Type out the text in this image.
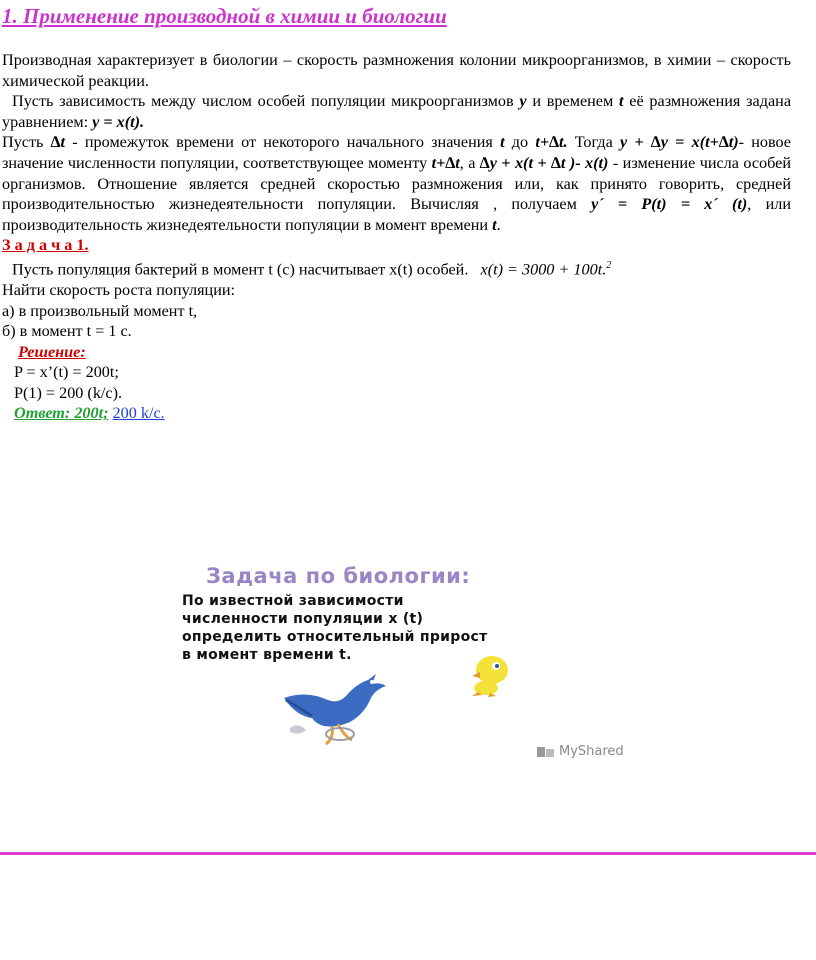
1. Применение производной в химии и биологии

Производная характеризует в биологии – скорость размножения колонии микроорганизмов, в химии – скорость химической реакции.

Пусть зависимость между числом особей популяции микроорганизмов y и временем t её размножения задана уравнением: y = x(t).

Пусть ∆t - промежуток времени от некоторого начального значения t до t+∆t. Тогда y + ∆y = x(t+∆t)- новое значение численности популяции, соответствующее моменту t+∆t, а ∆y + x(t + ∆t )- x(t) - изменение числа особей организмов. Отношение является средней скоростью размножения или, как принято говорить, средней производительностью жизнедеятельности популяции. Вычисляя , получаем y´ = P(t) = x´ (t), или производительность жизнедеятельности популяции в момент времени t.

З а д а ч а 1.

Пусть популяция бактерий в момент t (c) насчитывает x(t) особей. x(t) = 3000 + 100t.$^2$

Найти скорость роста популяции:

а) в произвольный момент t,

б) в момент t = 1 c.

Решение:

P = x’(t) = 200t;

P(1) = 200 (k/c).

Ответ: 200t; 200 k/c.

Задача по биологии:
По известной зависимости
численности популяции x (t)
определить относительный прирост
в момент времени t.
MyShared
